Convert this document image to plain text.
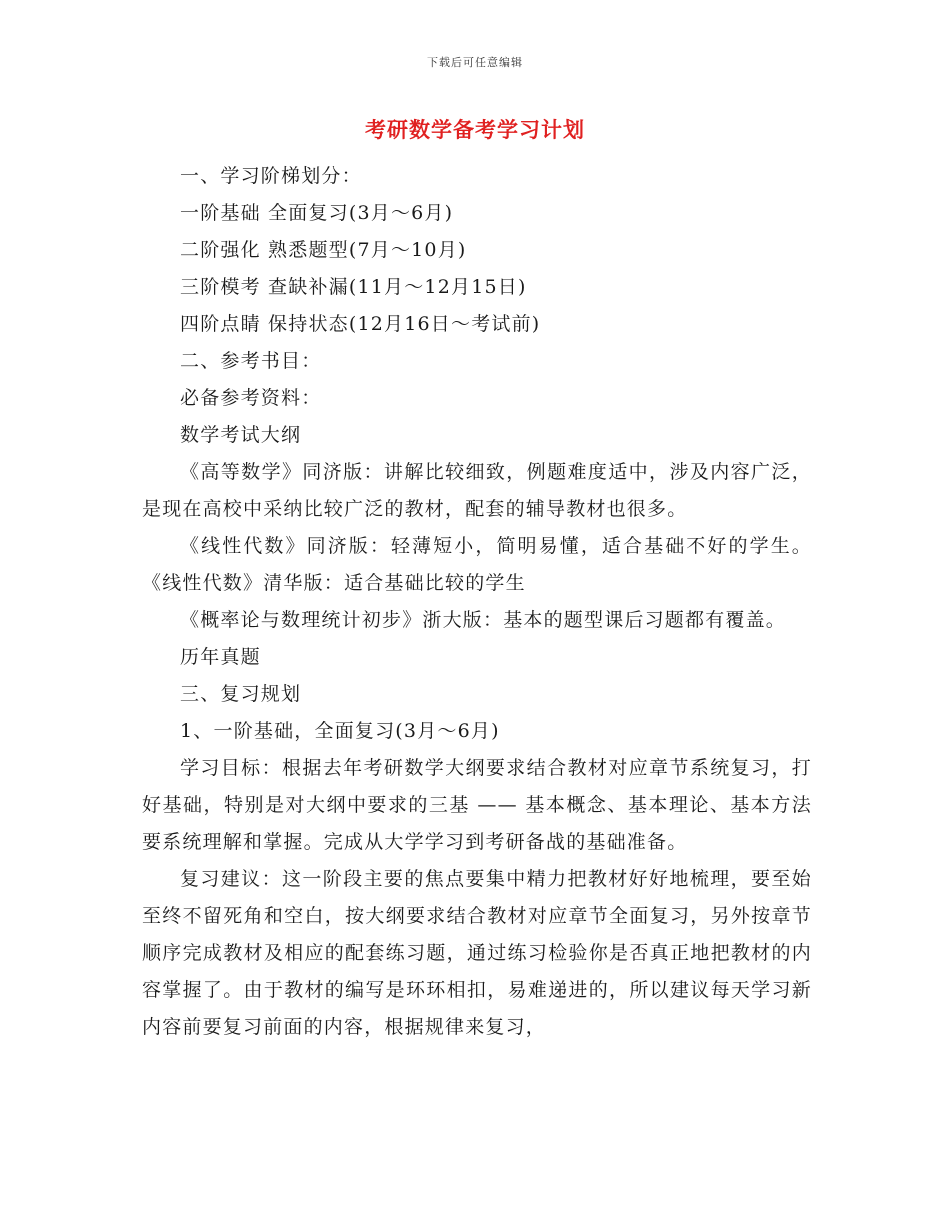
下载后可任意编辑
考研数学备考学习计划

一、学习阶梯划分：

一阶基础 全面复习(3月～6月)

二阶强化 熟悉题型(7月～10月)

三阶模考 查缺补漏(11月～12月15日)

四阶点睛 保持状态(12月16日～考试前)

二、参考书目：

必备参考资料：

数学考试大纲

《高等数学》同济版：讲解比较细致，例题难度适中，涉及内容广泛，是现在高校中采纳比较广泛的教材，配套的辅导教材也很多。

《线性代数》同济版：轻薄短小，简明易懂，适合基础不好的学生。《线性代数》清华版：适合基础比较的学生

《概率论与数理统计初步》浙大版：基本的题型课后习题都有覆盖。

历年真题

三、复习规划

1、一阶基础，全面复习(3月～6月)

学习目标：根据去年考研数学大纲要求结合教材对应章节系统复习，打好基础，特别是对大纲中要求的三基 —— 基本概念、基本理论、基本方法要系统理解和掌握。完成从大学学习到考研备战的基础准备。

复习建议：这一阶段主要的焦点要集中精力把教材好好地梳理，要至始至终不留死角和空白，按大纲要求结合教材对应章节全面复习，另外按章节顺序完成教材及相应的配套练习题，通过练习检验你是否真正地把教材的内容掌握了。由于教材的编写是环环相扣，易难递进的，所以建议每天学习新内容前要复习前面的内容，根据规律来复习，
